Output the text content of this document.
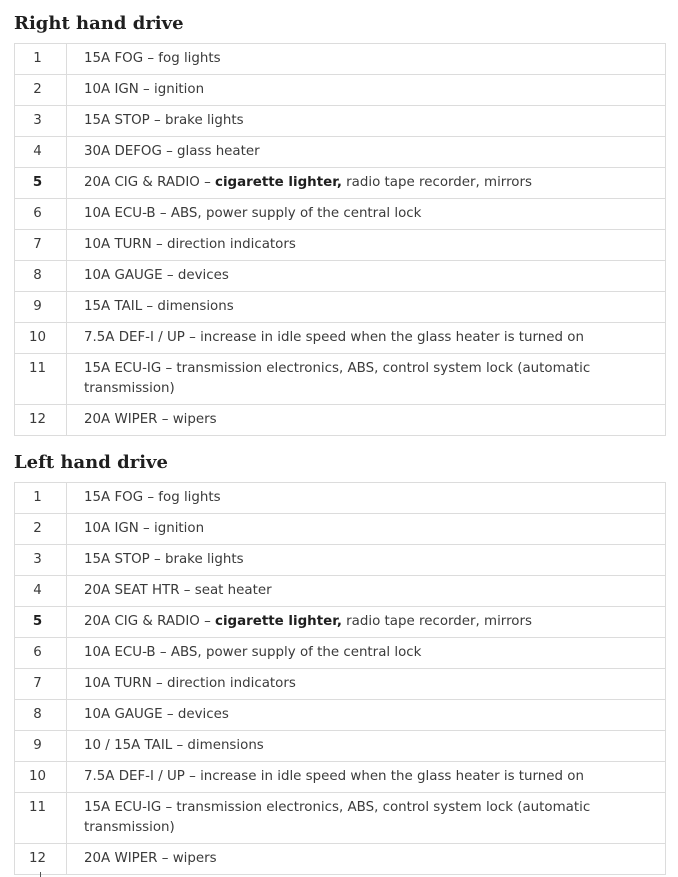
Right hand drive
1	15A FOG – fog lights
2	10A IGN – ignition
3	15A STOP – brake lights
4	30A DEFOG – glass heater
5	20A CIG & RADIO – cigarette lighter, radio tape recorder, mirrors
6	10A ECU-B – ABS, power supply of the central lock
7	10A TURN – direction indicators
8	10A GAUGE – devices
9	15A TAIL – dimensions
10	7.5A DEF-I / UP – increase in idle speed when the glass heater is turned on
11	15A ECU-IG – transmission electronics, ABS, control system lock (automatic transmission)
12	20A WIPER – wipers
Left hand drive
1	15A FOG – fog lights
2	10A IGN – ignition
3	15A STOP – brake lights
4	20A SEAT HTR – seat heater
5	20A CIG & RADIO – cigarette lighter, radio tape recorder, mirrors
6	10A ECU-B – ABS, power supply of the central lock
7	10A TURN – direction indicators
8	10A GAUGE – devices
9	10 / 15A TAIL – dimensions
10	7.5A DEF-I / UP – increase in idle speed when the glass heater is turned on
11	15A ECU-IG – transmission electronics, ABS, control system lock (automatic transmission)
12	20A WIPER – wipers
